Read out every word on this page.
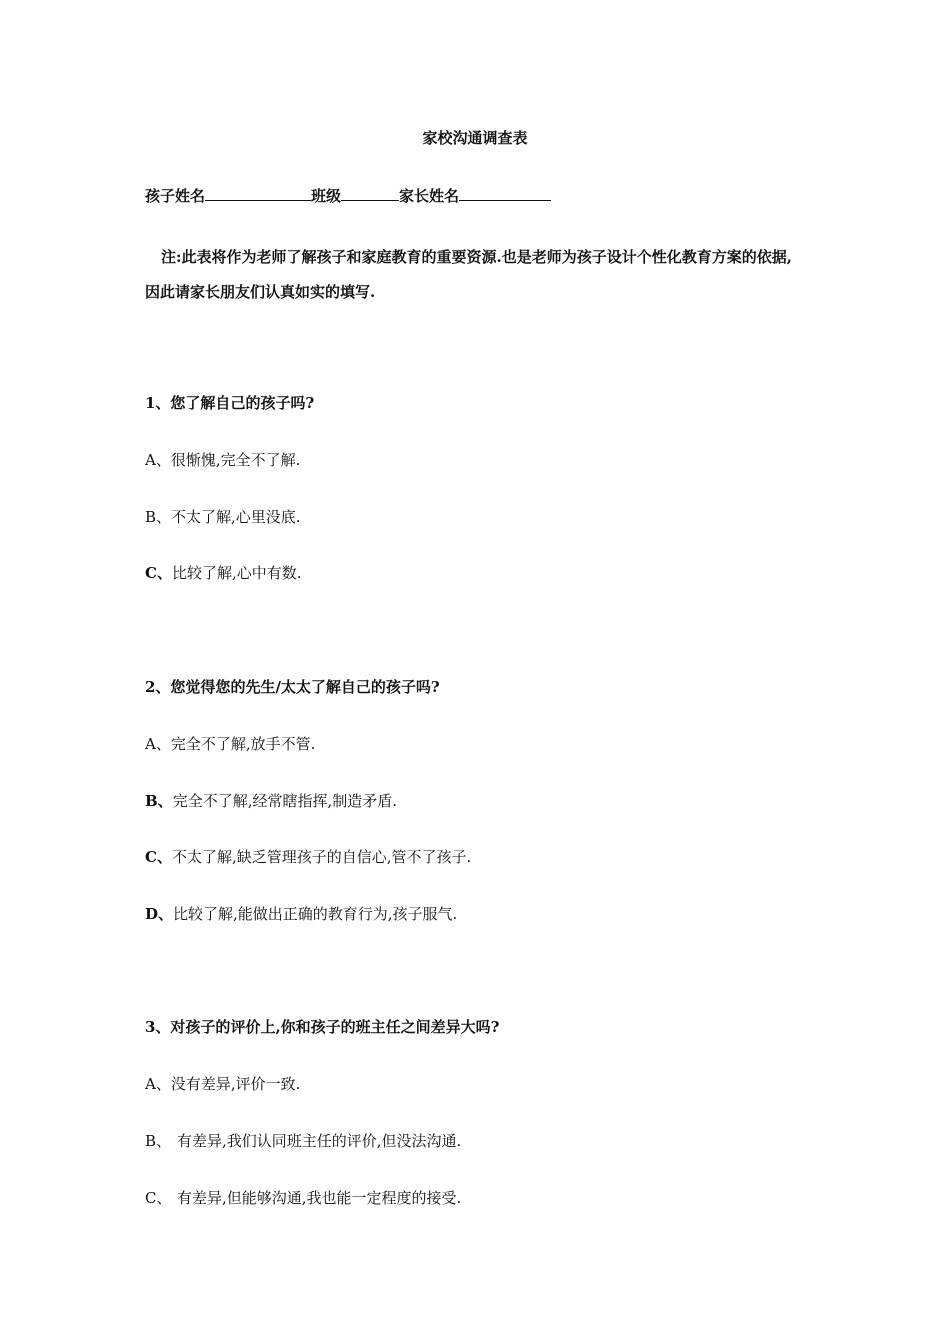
家校沟通调查表
孩子姓名	班级	家长姓名
注:此表将作为老师了解孩子和家庭教育的重要资源.也是老师为孩子设计个性化教育方案的依据,因此请家长朋友们认真如实的填写.
1、您了解自己的孩子吗?
A、很惭愧,完全不了解.
B、不太了解,心里没底.
C、比较了解,心中有数.
2、您觉得您的先生/太太了解自己的孩子吗?
A、完全不了解,放手不管.
B、完全不了解,经常瞎指挥,制造矛盾.
C、不太了解,缺乏管理孩子的自信心,管不了孩子.
D、比较了解,能做出正确的教育行为,孩子服气.
3、对孩子的评价上,你和孩子的班主任之间差异大吗?
A、没有差异,评价一致.
B、 有差异,我们认同班主任的评价,但没法沟通.
C、 有差异,但能够沟通,我也能一定程度的接受.
